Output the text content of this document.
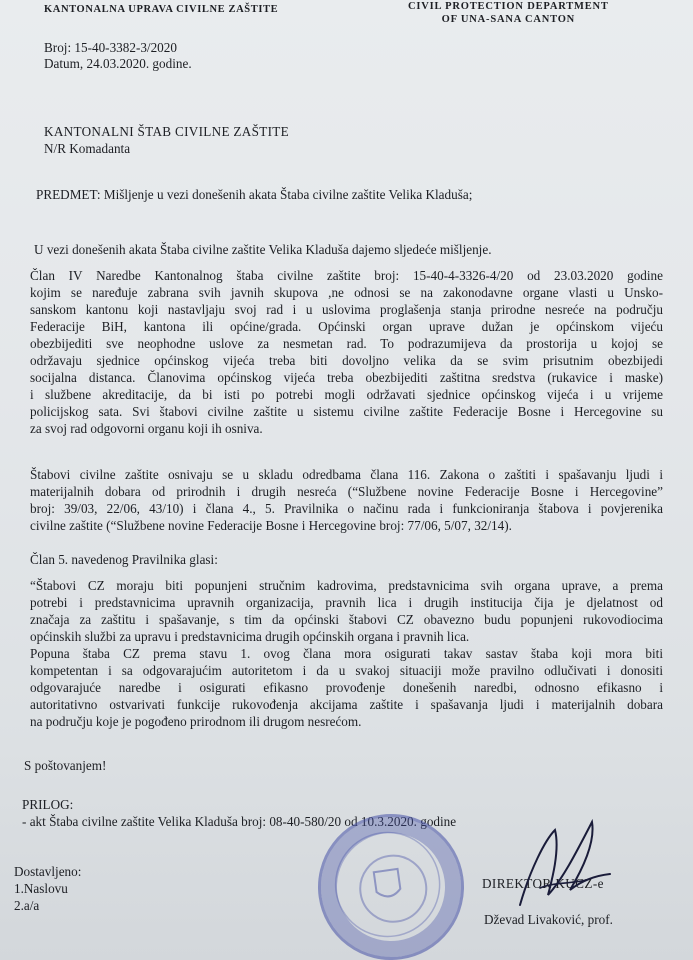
KANTONALNA UPRAVA CIVILNE ZAŠTITE	CIVIL PROTECTION DEPARTMENT
OF UNA-SANA CANTON
Broj: 15-40-3382-3/2020
Datum, 24.03.2020. godine.
KANTONALNI ŠTAB CIVILNE ZAŠTITE
N/R Komadanta
PREDMET: Mišljenje u vezi donešenih akata Štaba civilne zaštite Velika Kladuša;
U vezi donešenih akata Štaba civilne zaštite Velika Kladuša dajemo sljedeće mišljenje.
Član IV Naredbe Kantonalnog štaba civilne zaštite broj: 15-40-4-3326-4/20 od 23.03.2020 godine
kojim se naređuje zabrana svih javnih skupova ,ne odnosi se na zakonodavne organe vlasti u Unsko-
sanskom kantonu koji nastavljaju svoj rad i u uslovima proglašenja stanja prirodne nesreće na području
Federacije BiH, kantona ili općine/grada. Općinski organ uprave dužan je općinskom vijeću
obezbijediti sve neophodne uslove za nesmetan rad. To podrazumijeva da prostorija u kojoj se
održavaju sjednice općinskog vijeća treba biti dovoljno velika da se svim prisutnim obezbijedi
socijalna distanca. Članovima općinskog vijeća treba obezbijediti zaštitna sredstva (rukavice i maske)
i službene akreditacije, da bi isti po potrebi mogli održavati sjednice općinskog vijeća i u vrijeme
policijskog sata. Svi štabovi civilne zaštite u sistemu civilne zaštite Federacije Bosne i Hercegovine su
za svoj rad odgovorni organu koji ih osniva.
Štabovi civilne zaštite osnivaju se u skladu odredbama člana 116. Zakona o zaštiti i spašavanju ljudi i
materijalnih dobara od prirodnih i drugih nesreća (“Službene novine Federacije Bosne i Hercegovine”
broj: 39/03, 22/06, 43/10) i člana 4., 5. Pravilnika o načinu rada i funkcioniranja štabova i povjerenika
civilne zaštite (“Službene novine Federacije Bosne i Hercegovine broj: 77/06, 5/07, 32/14).
Član 5. navedenog Pravilnika glasi:
“Štabovi CZ moraju biti popunjeni stručnim kadrovima, predstavnicima svih organa uprave, a prema
potrebi i predstavnicima upravnih organizacija, pravnih lica i drugih institucija čija je djelatnost od
značaja za zaštitu i spašavanje, s tim da općinski štabovi CZ obavezno budu popunjeni rukovodiocima
općinskih službi za upravu i predstavnicima drugih općinskih organa i pravnih lica.
Popuna štaba CZ prema stavu 1. ovog člana mora osigurati takav sastav štaba koji mora biti
kompetentan i sa odgovarajućim autoritetom i da u svakoj situaciji može pravilno odlučivati i donositi
odgovarajuće naredbe i osigurati efikasno provođenje donešenih naredbi, odnosno efikasno i
autoritativno ostvarivati funkcije rukovođenja akcijama zaštite i spašavanja ljudi i materijalnih dobara
na području koje je pogođeno prirodnom ili drugom nesrećom.
S poštovanjem!
PRILOG:
- akt Štaba civilne zaštite Velika Kladuša broj: 08-40-580/20 od 10.3.2020. godine
Dostavljeno:
1.Naslovu
2.a/a
DIREKTOR KUCZ-e
Dževad Livaković, prof.
